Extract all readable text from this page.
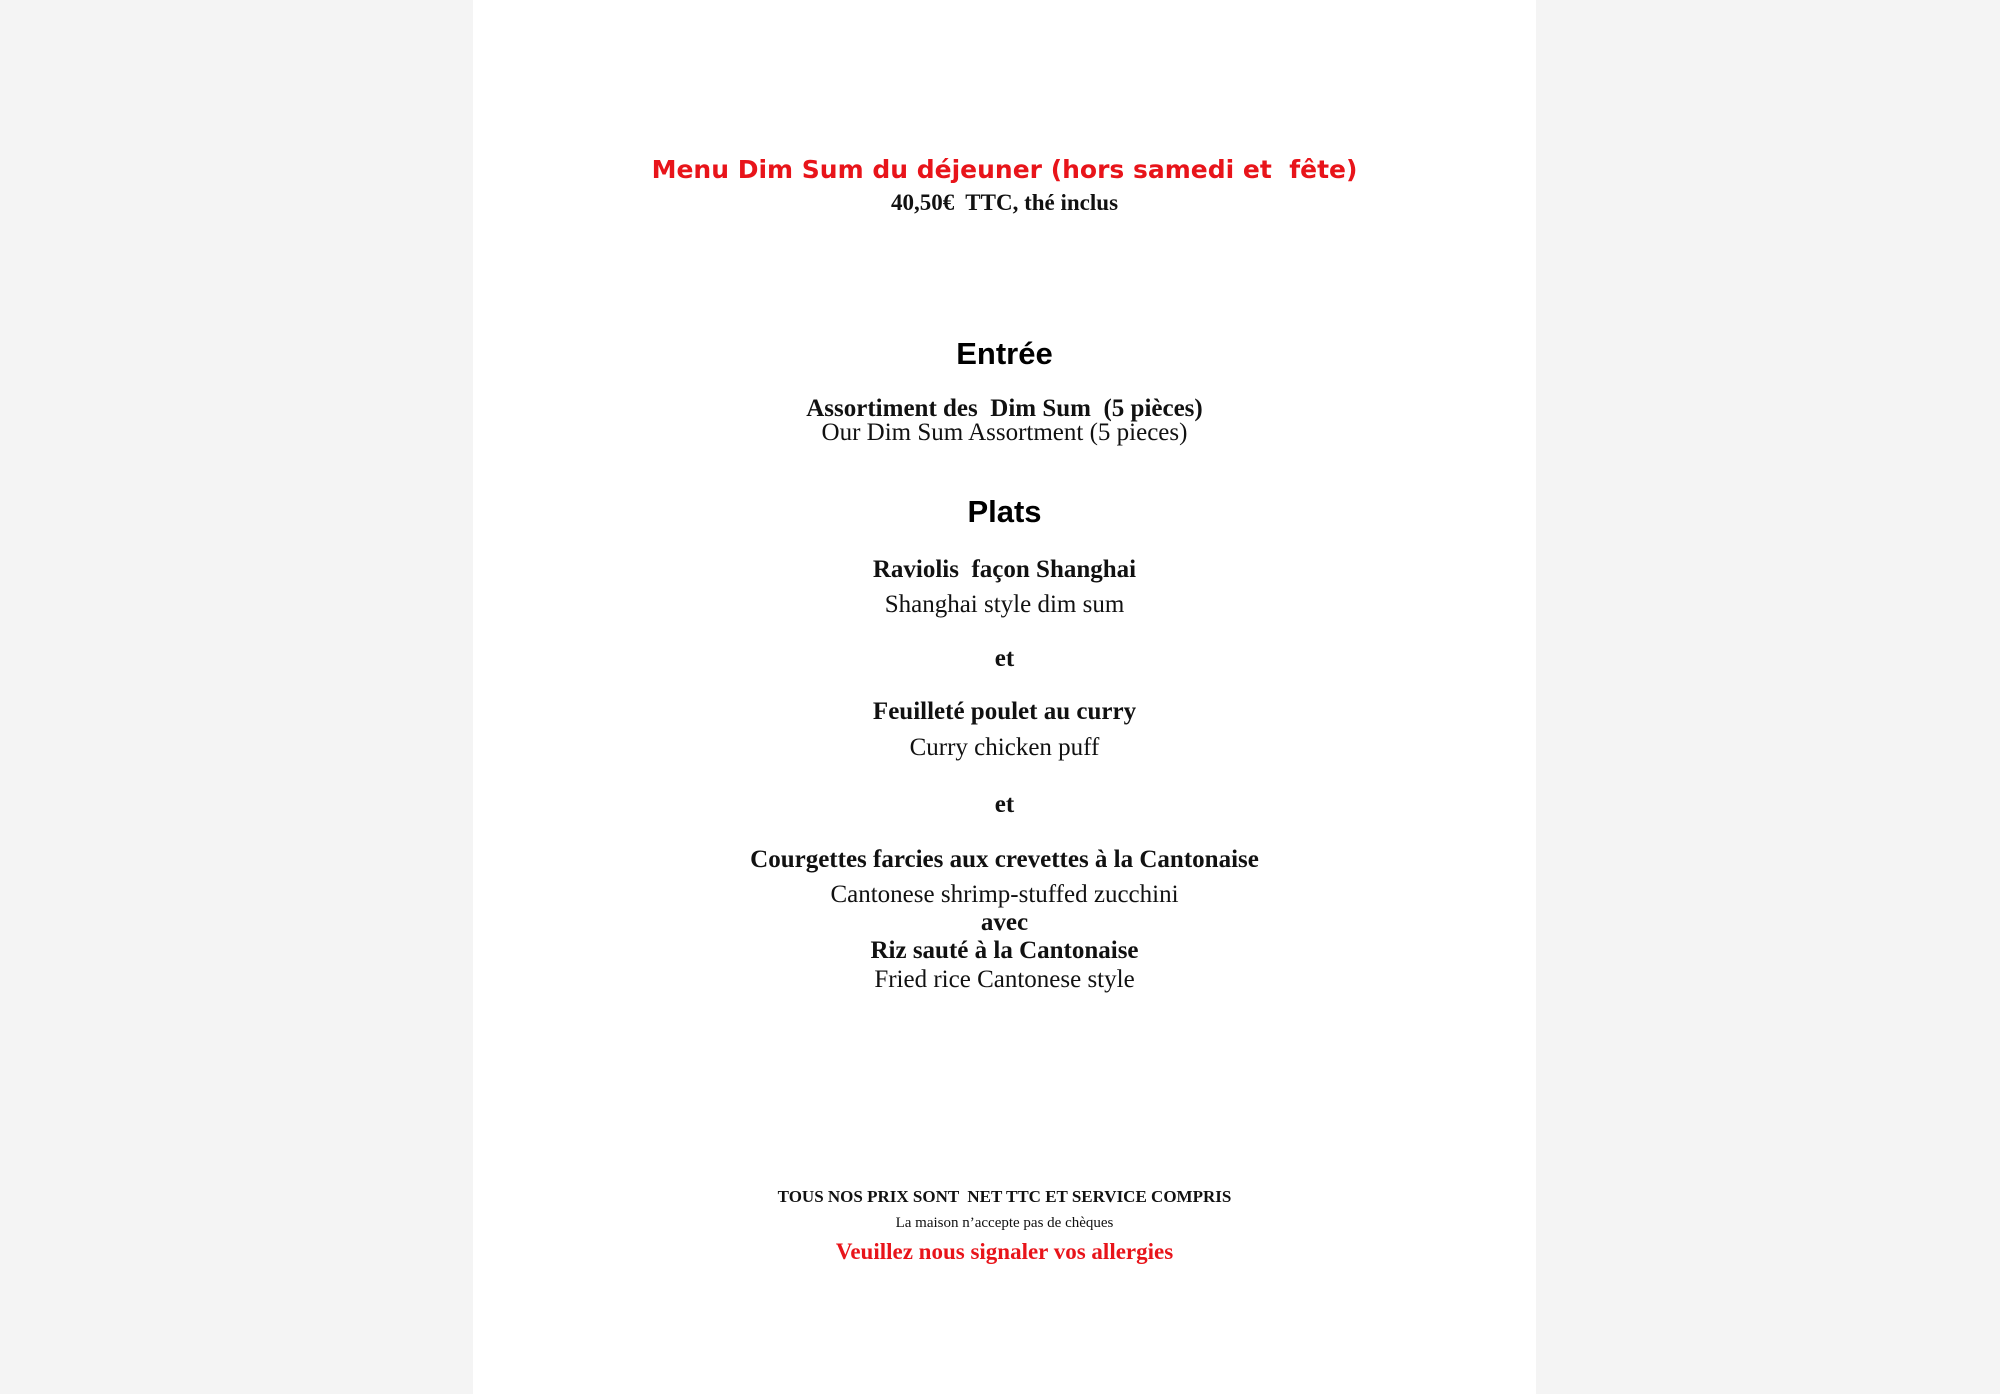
Menu Dim Sum du déjeuner (hors samedi et  fête)

40,50€  TTC, thé inclus

Entrée

Assortiment des  Dim Sum  (5 pièces)

Our Dim Sum Assortment (5 pieces)

Plats

Raviolis  façon Shanghai

Shanghai style dim sum

et

Feuilleté poulet au curry

Curry chicken puff

et

Courgettes farcies aux crevettes à la Cantonaise

Cantonese shrimp-stuffed zucchini

avec

Riz sauté à la Cantonaise

Fried rice Cantonese style

TOUS NOS PRIX SONT  NET TTC ET SERVICE COMPRIS

La maison n’accepte pas de chèques

Veuillez nous signaler vos allergies
